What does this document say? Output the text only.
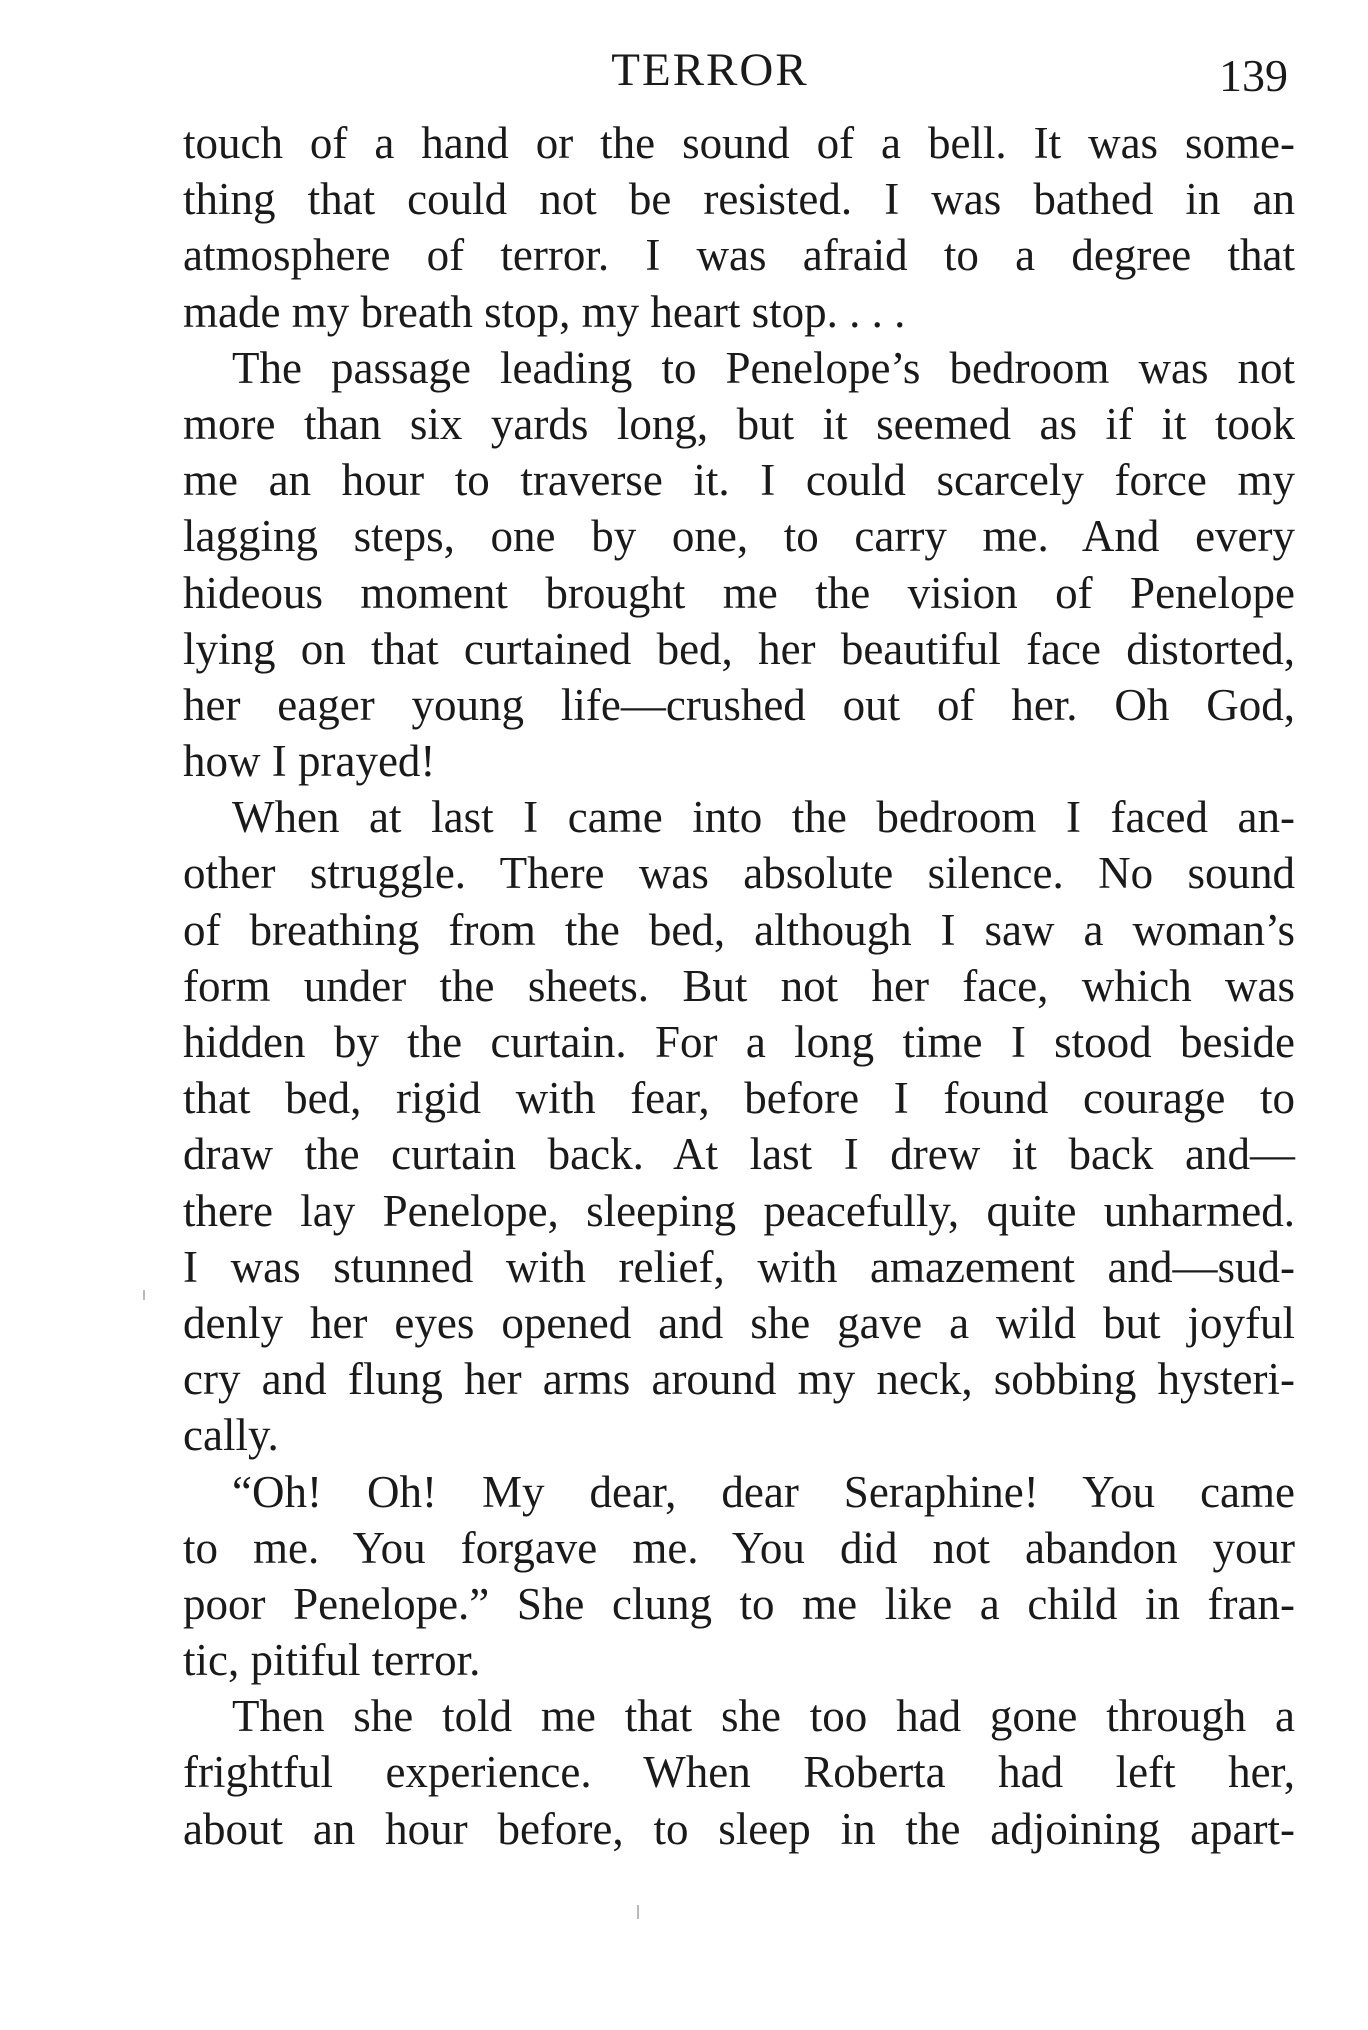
TERROR	139
touch of a hand or the sound of a bell. It was some-
thing that could not be resisted. I was bathed in an
atmosphere of terror. I was afraid to a degree that
made my breath stop, my heart stop. . . .
The passage leading to Penelope’s bedroom was not
more than six yards long, but it seemed as if it took
me an hour to traverse it. I could scarcely force my
lagging steps, one by one, to carry me. And every
hideous moment brought me the vision of Penelope
lying on that curtained bed, her beautiful face distorted,
her eager young life—crushed out of her. Oh God,
how I prayed!
When at last I came into the bedroom I faced an-
other struggle. There was absolute silence. No sound
of breathing from the bed, although I saw a woman’s
form under the sheets. But not her face, which was
hidden by the curtain. For a long time I stood beside
that bed, rigid with fear, before I found courage to
draw the curtain back. At last I drew it back and—
there lay Penelope, sleeping peacefully, quite unharmed.
I was stunned with relief, with amazement and—sud-
denly her eyes opened and she gave a wild but joyful
cry and flung her arms around my neck, sobbing hysteri-
cally.
“Oh! Oh! My dear, dear Seraphine! You came
to me. You forgave me. You did not abandon your
poor Penelope.” She clung to me like a child in fran-
tic, pitiful terror.
Then she told me that she too had gone through a
frightful experience. When Roberta had left her,
about an hour before, to sleep in the adjoining apart-
